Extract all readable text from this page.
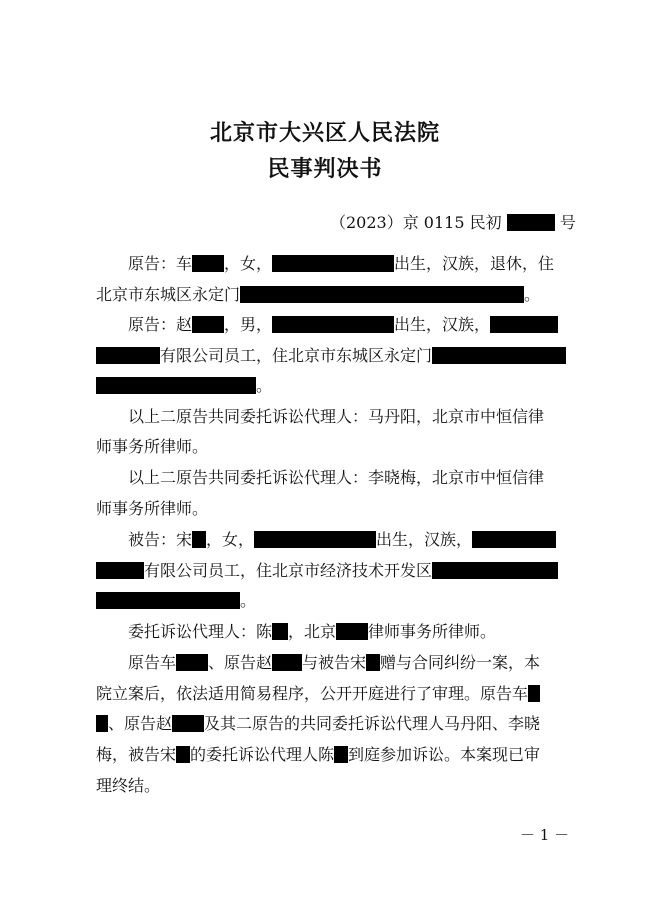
北京市大兴区人民法院
民事判决书
（2023）京 0115 民初	号
原告：车 ，女，	出生，汉族，退休，住
北京市东城区永定门	。
原告：赵 ，男，	出生，汉族，
有限公司员工，住北京市东城区永定门
。
以上二原告共同委托诉讼代理人：马丹阳，北京市中恒信律
师事务所律师。
以上二原告共同委托诉讼代理人：李晓梅，北京市中恒信律
师事务所律师。
被告：宋 ，女，	出生，汉族，
有限公司员工，住北京市经济技术开发区
。
委托诉讼代理人：陈 ，北京 律师事务所律师。
原告车 、原告赵 与被告宋 赠与合同纠纷一案，本
院立案后，依法适用简易程序，公开开庭进行了审理。原告车
、原告赵 及其二原告的共同委托诉讼代理人马丹阳、李晓
梅，被告宋 的委托诉讼代理人陈 到庭参加诉讼。本案现已审
理终结。
－ 1 －
